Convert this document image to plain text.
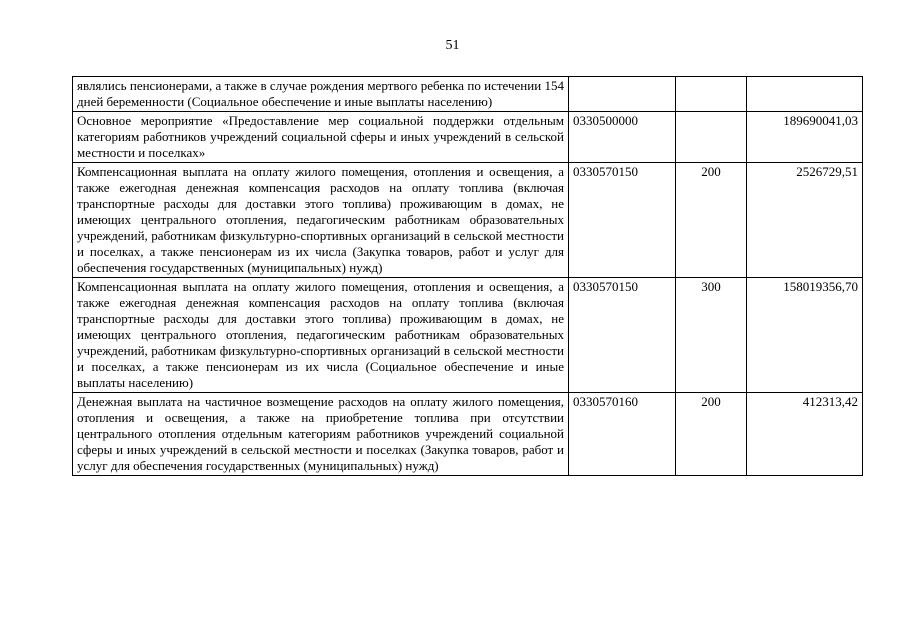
51
являлись пенсионерами, а также в случае рождения мертвого ребенка по истечении 154 дней беременности (Социальное обеспечение и иные выплаты населению)			
Основное мероприятие «Предоставление мер социальной поддержки отдельным категориям работников учреждений социальной сферы и иных учреждений в сельской местности и поселках»	0330500000		189690041,03
Компенсационная выплата на оплату жилого помещения, отопления и освещения, а также ежегодная денежная компенсация расходов на оплату топлива (включая транспортные расходы для доставки этого топлива) проживающим в домах, не имеющих центрального отопления, педагогическим работникам образовательных учреждений, работникам физкультурно-спортивных организаций в сельской местности и поселках, а также пенсионерам из их числа (Закупка товаров, работ и услуг для обеспечения государственных (муниципальных) нужд)	0330570150	200	2526729,51
Компенсационная выплата на оплату жилого помещения, отопления и освещения, а также ежегодная денежная компенсация расходов на оплату топлива (включая транспортные расходы для доставки этого топлива) проживающим в домах, не имеющих центрального отопления, педагогическим работникам образовательных учреждений, работникам физкультурно-спортивных организаций в сельской местности и поселках, а также пенсионерам из их числа (Социальное обеспечение и иные выплаты населению)	0330570150	300	158019356,70
Денежная выплата на частичное возмещение расходов на оплату жилого помещения, отопления и освещения, а также на приобретение топлива при отсутствии центрального отопления отдельным категориям работников учреждений социальной сферы и иных учреждений в сельской местности и поселках (Закупка товаров, работ и услуг для обеспечения государственных (муниципальных) нужд)	0330570160	200	412313,42
